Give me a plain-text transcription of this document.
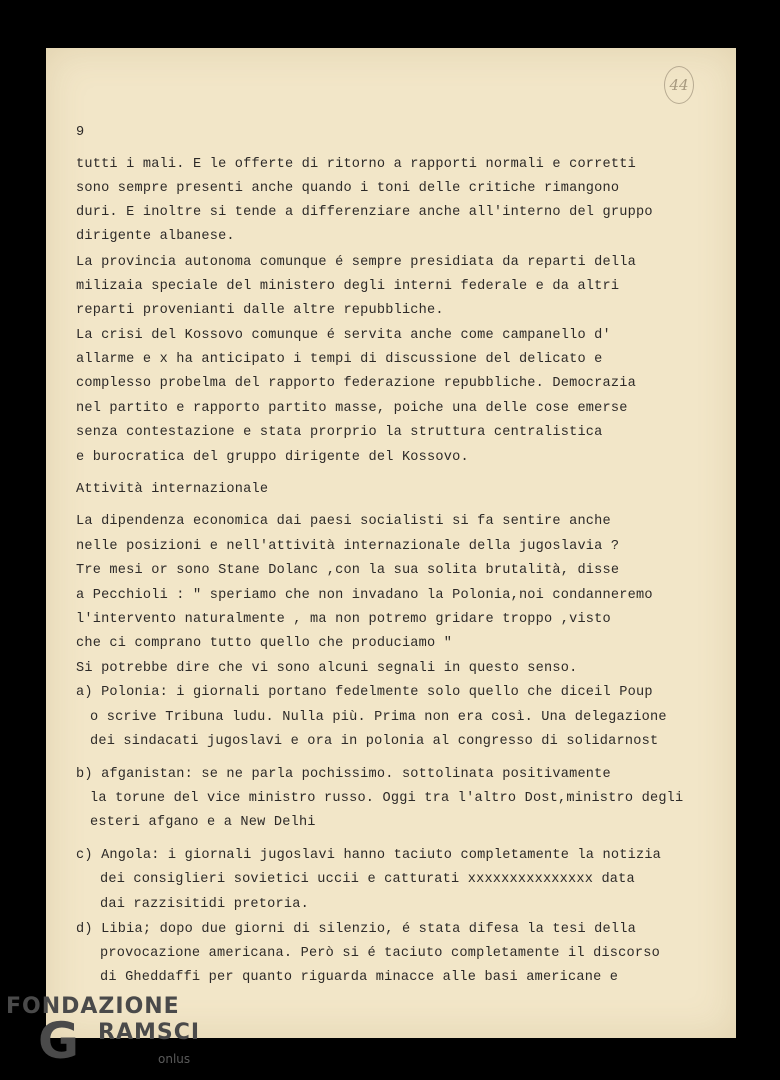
44
9
tutti i mali. E le offerte di ritorno a rapporti normali e corretti
sono sempre presenti anche quando i toni delle critiche rimangono
duri. E inoltre si tende a differenziare anche all'interno del gruppo
dirigente albanese.
La provincia autonoma comunque é sempre presidiata da reparti della
milizaia speciale del ministero degli interni federale e da altri
reparti provenianti dalle altre repubbliche.
La crisi del Kossovo comunque é servita anche come campanello d'
allarme e x ha anticipato i tempi di discussione del delicato e
complesso probelma del rapporto federazione repubbliche. Democrazia
nel partito e rapporto partito masse, poiche una delle cose emerse
senza contestazione e stata prorprio la struttura centralistica
e burocratica del gruppo dirigente del Kossovo.
Attività internazionale
La dipendenza economica dai paesi socialisti si fa sentire anche
nelle posizioni e nell'attività internazionale della jugoslavia ?
Tre mesi or sono Stane Dolanc ,con la sua solita brutalità, disse
a Pecchioli : " speriamo che non invadano la Polonia,noi condanneremo
l'intervento naturalmente , ma non potremo gridare troppo ,visto
che ci comprano tutto quello che produciamo "
Si potrebbe dire che vi sono alcuni segnali in questo senso.
a) Polonia: i giornali portano fedelmente solo quello che diceil Poup
o scrive Tribuna ludu. Nulla più. Prima non era così. Una delegazione
dei sindacati jugoslavi e ora in polonia al congresso di solidarnost
b) afganistan: se ne parla pochissimo. sottolinata positivamente
la torune del vice ministro russo. Oggi tra l'altro Dost,ministro degli
esteri afgano e a New Delhi
c) Angola: i giornali jugoslavi hanno taciuto completamente la notizia
dei consiglieri sovietici uccii e catturati xxxxxxxxxxxxxxx data
dai razzisitidi pretoria.
d) Libia; dopo due giorni di silenzio, é stata difesa la tesi della
provocazione americana. Però si é taciuto completamente il discorso
di Gheddaffi per quanto riguarda minacce alle basi americane e
FONDAZIONE
G RAMSCI
onlus
